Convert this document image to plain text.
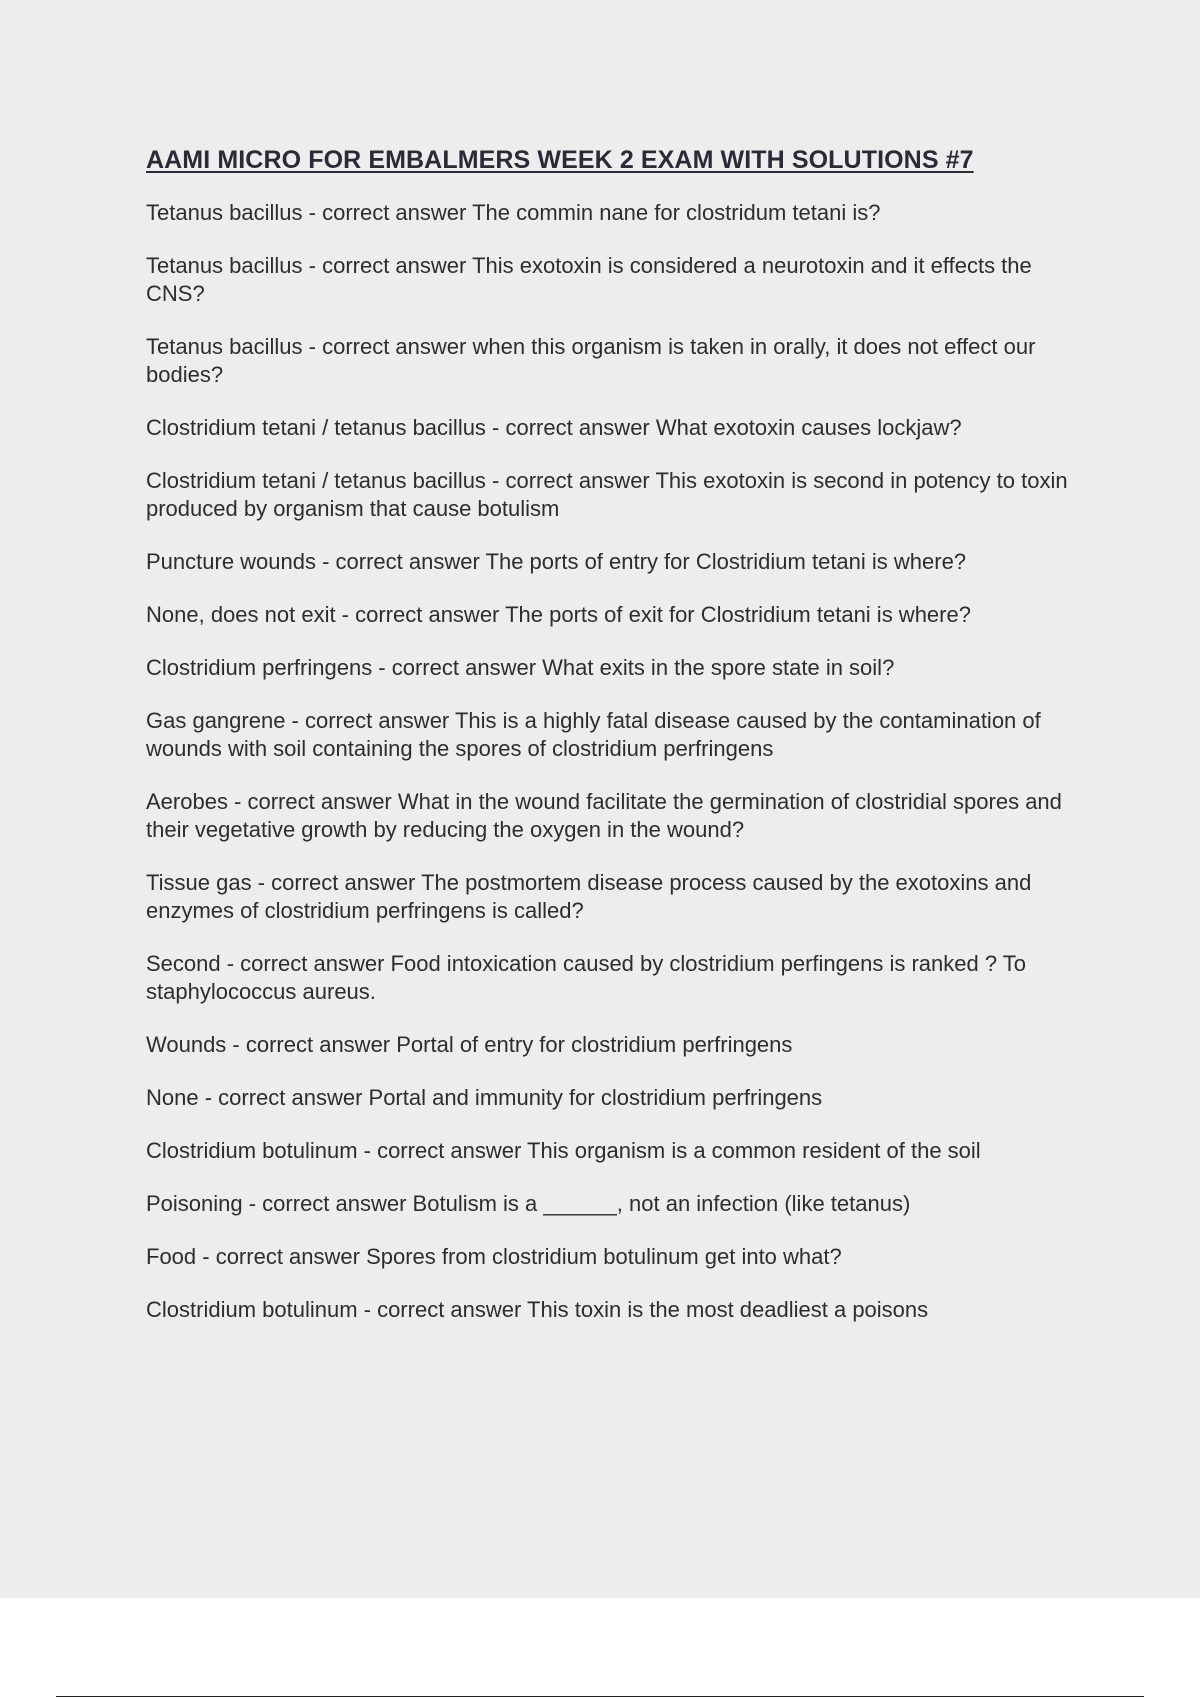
AAMI MICRO FOR EMBALMERS WEEK 2 EXAM WITH SOLUTIONS #7

Tetanus bacillus - correct answer The commin nane for clostridum tetani is?

Tetanus bacillus - correct answer This exotoxin is considered a neurotoxin and it effects the CNS?

Tetanus bacillus - correct answer when this organism is taken in orally, it does not effect our bodies?

Clostridium tetani / tetanus bacillus - correct answer What exotoxin causes lockjaw?

Clostridium tetani / tetanus bacillus - correct answer This exotoxin is second in potency to toxin produced by organism that cause botulism

Puncture wounds - correct answer The ports of entry for Clostridium tetani is where?

None, does not exit - correct answer The ports of exit for Clostridium tetani is where?

Clostridium perfringens - correct answer What exits in the spore state in soil?

Gas gangrene - correct answer This is a highly fatal disease caused by the contamination of wounds with soil containing the spores of clostridium perfringens

Aerobes - correct answer What in the wound facilitate the germination of clostridial spores and their vegetative growth by reducing the oxygen in the wound?

Tissue gas - correct answer The postmortem disease process caused by the exotoxins and enzymes of clostridium perfringens is called?

Second - correct answer Food intoxication caused by clostridium perfingens is ranked ? To staphylococcus aureus.

Wounds - correct answer Portal of entry for clostridium perfringens

None - correct answer Portal and immunity for clostridium perfringens

Clostridium botulinum - correct answer This organism is a common resident of the soil

Poisoning - correct answer Botulism is a ______, not an infection (like tetanus)

Food - correct answer Spores from clostridium botulinum get into what?

Clostridium botulinum - correct answer This toxin is the most deadliest a poisons
